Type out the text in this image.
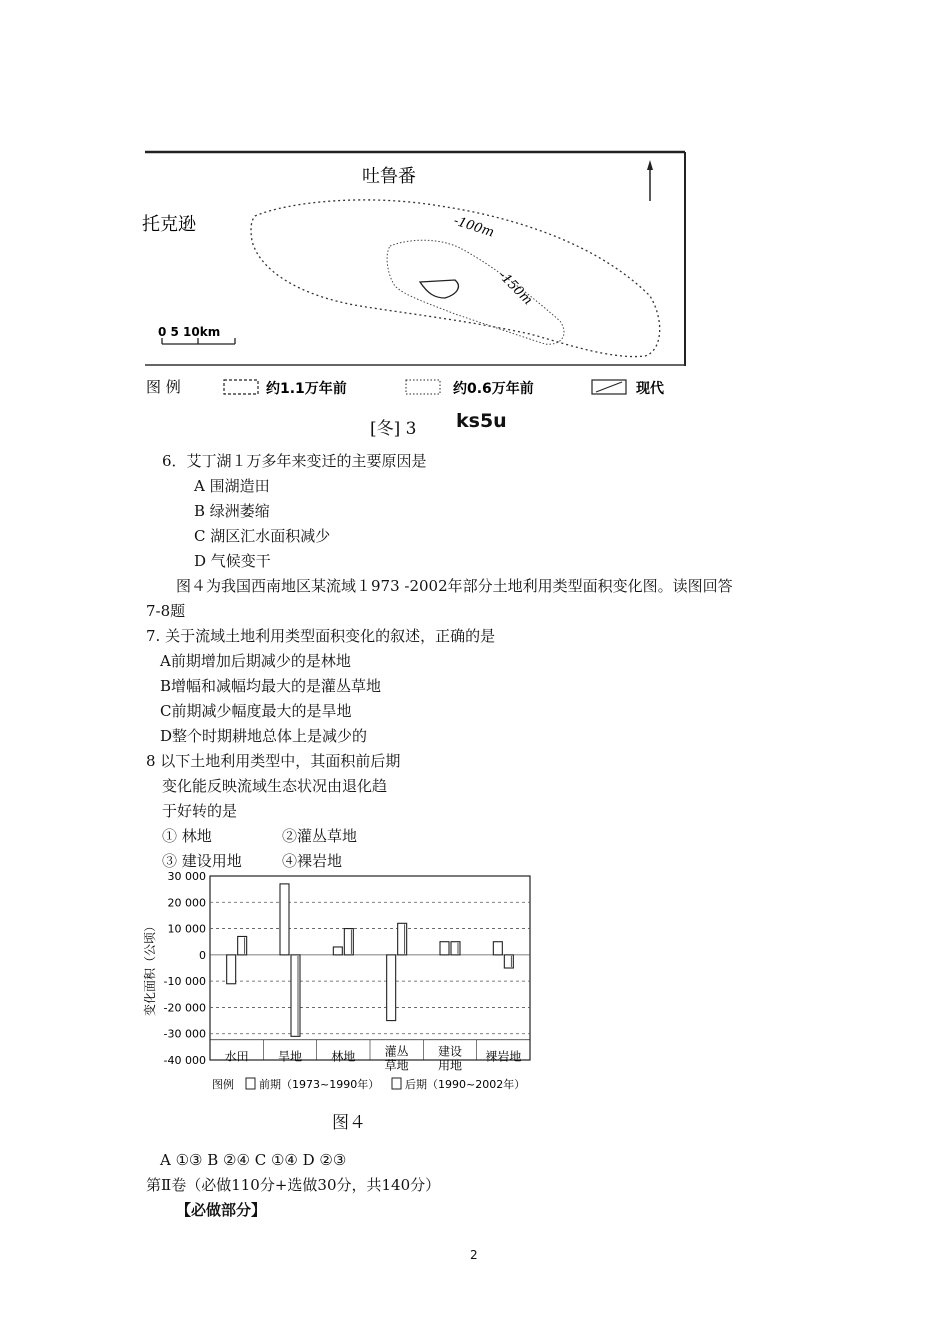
0 5 10km
吐鲁番
托克逊	-100m
-150m
图 例	约1.1万年前	约0.6万年前	现代
[冬] 3 ks5u
6．艾丁湖１万多年来变迁的主要原因是
A 围湖造田
B 绿洲萎缩
C 湖区汇水面积减少
D 气候变干
图４为我国西南地区某流域１973 -2002年部分土地利用类型面积变化图。读图回答
7-8题
7. 关于流域土地利用类型面积变化的叙述，正确的是
A前期增加后期减少的是林地
B增幅和减幅均最大的是灌丛草地
C前期减少幅度最大的是旱地
D整个时期耕地总体上是减少的
8 以下土地利用类型中，其面积前后期
变化能反映流域生态状况由退化趋
于好转的是
① 林地	②灌丛草地
③ 建设用地	④裸岩地
30 000
20 000
10 000
0
-10 000
-20 000
-30 000
-40 000
变化面积（公顷）
水田 旱地 林地 灌丛
草地
建设
用地
裸岩地
图例 前期（1973~1990年） 后期（1990~2002年）
图４
A ①③ B ②④ C ①④ D ②③
第Ⅱ卷（必做110分+选做30分，共140分）
【必做部分】
2
